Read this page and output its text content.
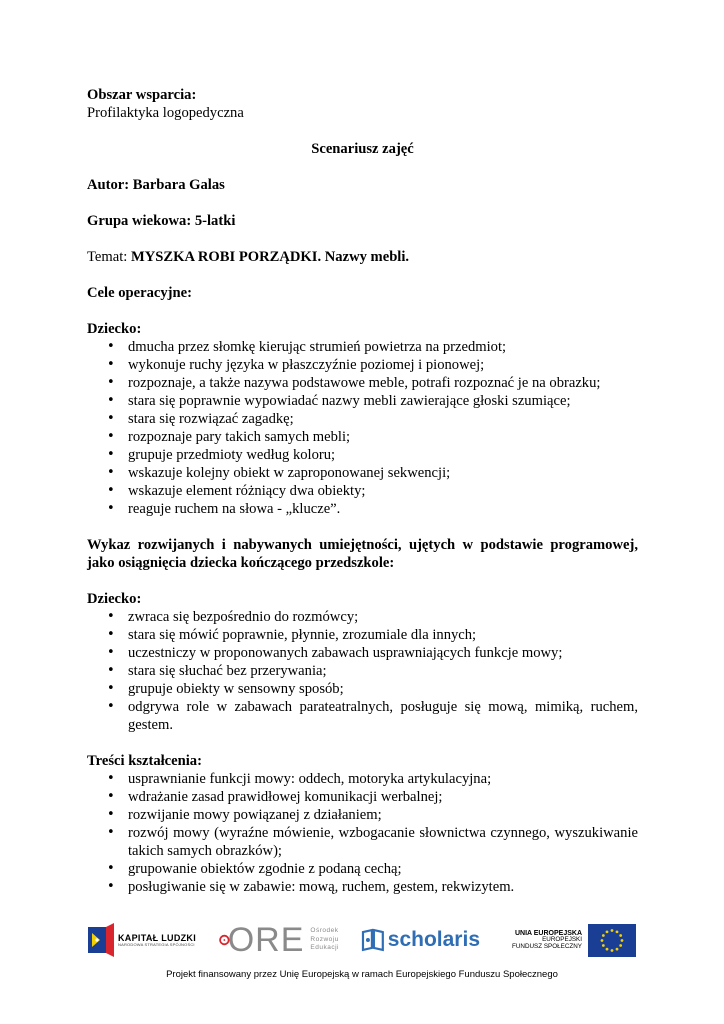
Obszar wsparcia:

Profilaktyka logopedyczna

Scenariusz zajęć

Autor: Barbara Galas

Grupa wiekowa: 5-latki

Temat: MYSZKA ROBI PORZĄDKI. Nazwy mebli.

Cele operacyjne:

Dziecko:

• dmucha przez słomkę kierując strumień powietrza na przedmiot;
• wykonuje ruchy języka w płaszczyźnie poziomej i pionowej;
• rozpoznaje, a także nazywa podstawowe meble, potrafi rozpoznać je na obrazku;
• stara się poprawnie wypowiadać nazwy mebli zawierające głoski szumiące;
• stara się rozwiązać zagadkę;
• rozpoznaje pary takich samych mebli;
• grupuje przedmioty według koloru;
• wskazuje kolejny obiekt w zaproponowanej sekwencji;
• wskazuje element różniący dwa obiekty;
• reaguje ruchem na słowa - „klucze”.

Wykaz rozwijanych i nabywanych umiejętności, ujętych w podstawie programowej, jako osiągnięcia dziecka kończącego przedszkole:

Dziecko:

• zwraca się bezpośrednio do rozmówcy;
• stara się mówić poprawnie, płynnie, zrozumiale dla innych;
• uczestniczy w proponowanych zabawach usprawniających funkcje mowy;
• stara się słuchać bez przerywania;
• grupuje obiekty w sensowny sposób;
• odgrywa role w zabawach parateatralnych, posługuje się mową, mimiką, ruchem, gestem.

Treści kształcenia:

• usprawnianie funkcji mowy: oddech, motoryka artykulacyjna;
• wdrażanie zasad prawidłowej komunikacji werbalnej;
• rozwijanie mowy powiązanej z działaniem;
• rozwój mowy (wyraźne mówienie, wzbogacanie słownictwa czynnego, wyszukiwanie takich samych obrazków);
• grupowanie obiektów zgodnie z podaną cechą;
• posługiwanie się w zabawie: mową, ruchem, gestem, rekwizytem.
KAPITAŁ LUDZKI
NARODOWA STRATEGIA SPÓJNOŚCI ORE Ośrodek
Rozwoju
Edukacji scholaris	UNIA EUROPEJSKA
EUROPEJSKI
FUNDUSZ SPOŁECZNY
Projekt finansowany przez Unię Europejską w ramach Europejskiego Funduszu Społecznego
